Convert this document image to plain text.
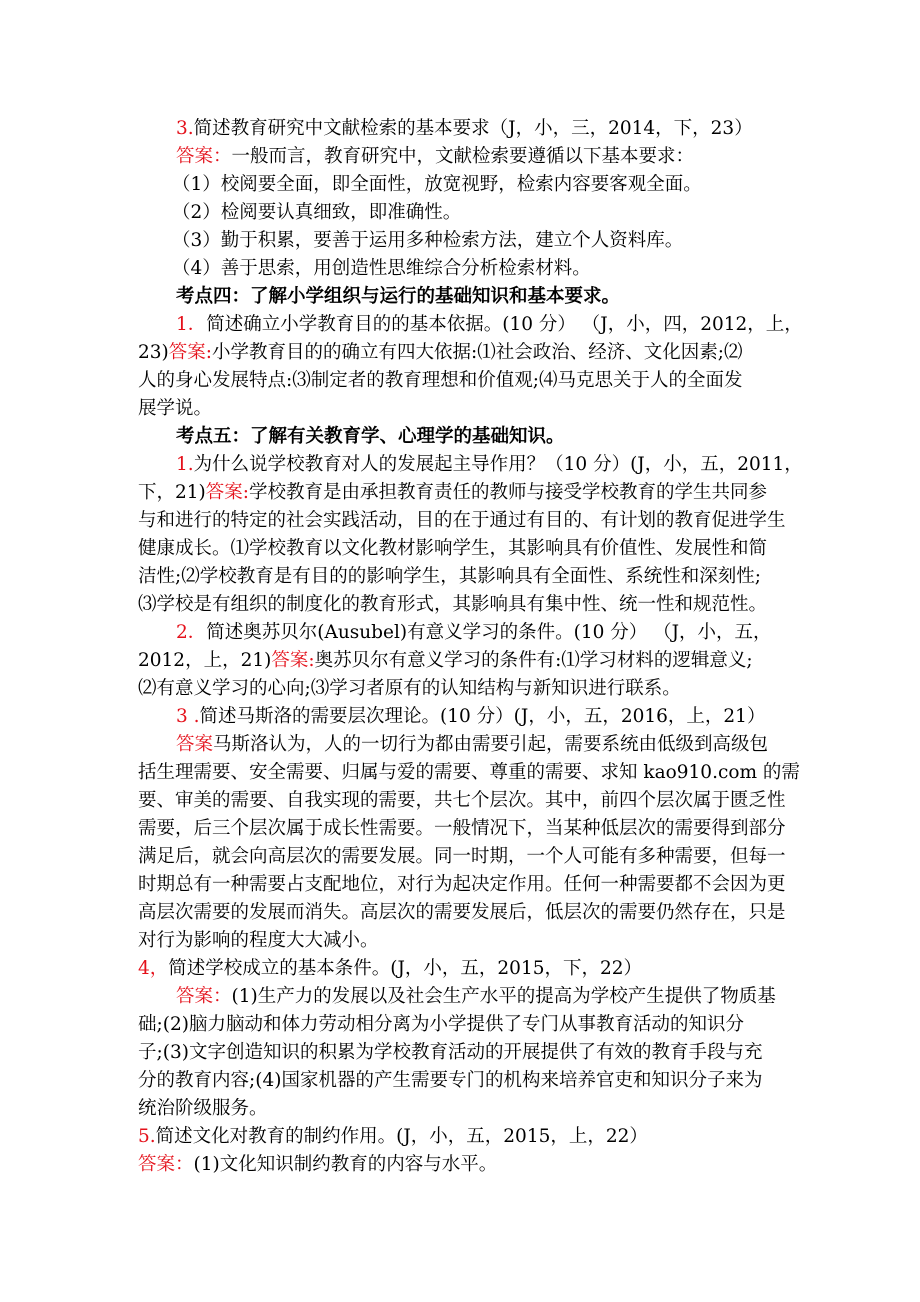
3.简述教育研究中文献检索的基本要求（J，小，三，2014，下，23）
答案：一般而言，教育研究中，文献检索要遵循以下基本要求：
（1）校阅要全面，即全面性，放宽视野，检索内容要客观全面。
（2）检阅要认真细致，即准确性。
（3）勤于积累，要善于运用多种检索方法，建立个人资料库。
（4）善于思索，用创造性思维综合分析检索材料。
考点四：了解小学组织与运行的基础知识和基本要求。
1．简述确立小学教育目的的基本依据。(10 分） （J，小，四，2012，上，
23)答案:小学教育目的的确立有四大依据:⑴社会政治、经济、文化因素;⑵
人的身心发展特点:⑶制定者的教育理想和价值观;⑷马克思关于人的全面发
展学说。
考点五：了解有关教育学、心理学的基础知识。
1.为什么说学校教育对人的发展起主导作用？（10 分）(J，小，五，2011，
下，21)答案:学校教育是由承担教育责任的教师与接受学校教育的学生共同参
与和进行的特定的社会实践活动，目的在于通过有目的、有计划的教育促进学生
健康成长。⑴学校教育以文化教材影响学生，其影响具有价值性、发展性和简
洁性;⑵学校教育是有目的的影响学生，其影响具有全面性、系统性和深刻性;
⑶学校是有组织的制度化的教育形式，其影响具有集中性、统一性和规范性。
2．简述奥苏贝尔(Ausubel)有意义学习的条件。(10 分） （J，小，五，
2012，上，21)答案:奥苏贝尔有意义学习的条件有:⑴学习材料的逻辑意义;
⑵有意义学习的心向;⑶学习者原有的认知结构与新知识进行联系。
3 .简述马斯洛的需要层次理论。(10 分）(J，小，五，2016，上，21）
答案马斯洛认为，人的一切行为都由需要引起，需要系统由低级到高级包
括生理需要、安全需要、归属与爱的需要、尊重的需要、求知 kao910.com 的需
要、审美的需要、自我实现的需要，共七个层次。其中，前四个层次属于匮乏性
需要，后三个层次属于成长性需要。一般情况下，当某种低层次的需要得到部分
满足后，就会向高层次的需要发展。同一时期，一个人可能有多种需要，但每一
时期总有一种需要占支配地位，对行为起决定作用。任何一种需要都不会因为更
高层次需要的发展而消失。高层次的需要发展后，低层次的需要仍然存在，只是
对行为影响的程度大大减小。
4，简述学校成立的基本条件。(J，小，五，2015，下，22）
答案：(1)生产力的发展以及社会生产水平的提高为学校产生提供了物质基
础;(2)脑力脑动和体力劳动相分离为小学提供了专门从事教育活动的知识分
子;(3)文字创造知识的积累为学校教育活动的开展提供了有效的教育手段与充
分的教育内容;(4)国家机器的产生需要专门的机构来培养官吏和知识分子来为
统治阶级服务。
5.简述文化对教育的制约作用。(J，小，五，2015，上，22）
答案：(1)文化知识制约教育的内容与水平。
